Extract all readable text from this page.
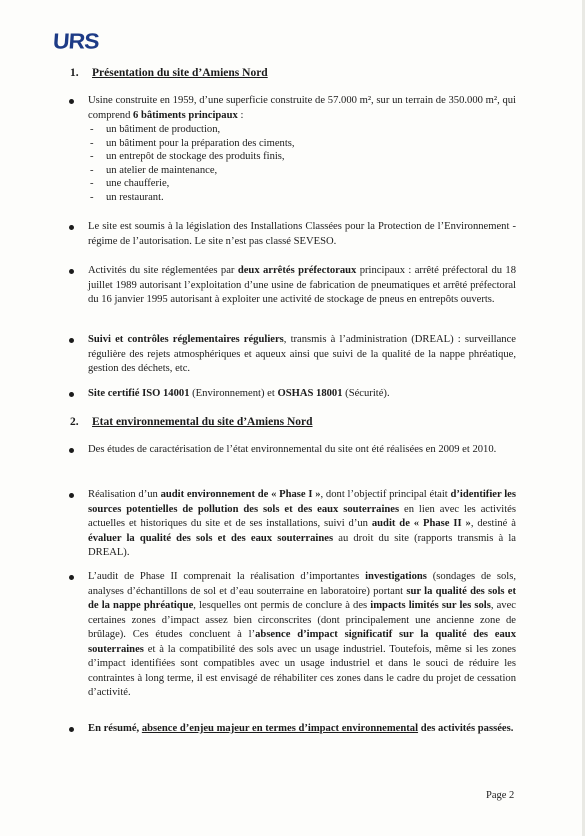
URS
1. Présentation du site d’Amiens Nord

Usine construite en 1959, d’une superficie construite de 57.000 m², sur un terrain de 350.000 m², qui comprend 6 bâtiments principaux :

- un bâtiment de production,
- un bâtiment pour la préparation des ciments,
- un entrepôt de stockage des produits finis,
- un atelier de maintenance,
- une chaufferie,
- un restaurant.

Le site est soumis à la législation des Installations Classées pour la Protection de l’Environnement - régime de l’autorisation. Le site n’est pas classé SEVESO.

Activités du site réglementées par deux arrêtés préfectoraux principaux : arrêté préfectoral du 18 juillet 1989 autorisant l’exploitation d’une usine de fabrication de pneumatiques et arrêté préfectoral du 16 janvier 1995 autorisant à exploiter une activité de stockage de pneus en entrepôts ouverts.

Suivi et contrôles réglementaires réguliers, transmis à l’administration (DREAL) : surveillance régulière des rejets atmosphériques et aqueux ainsi que suivi de la qualité de la nappe phréatique, gestion des déchets, etc.

Site certifié ISO 14001 (Environnement) et OSHAS 18001 (Sécurité).

2. Etat environnemental du site d’Amiens Nord

Des études de caractérisation de l’état environnemental du site ont été réalisées en 2009 et 2010.

Réalisation d’un audit environnement de « Phase I », dont l’objectif principal était d’identifier les sources potentielles de pollution des sols et des eaux souterraines en lien avec les activités actuelles et historiques du site et de ses installations, suivi d’un audit de « Phase II », destiné à évaluer la qualité des sols et des eaux souterraines au droit du site (rapports transmis à la DREAL).

L’audit de Phase II comprenait la réalisation d’importantes investigations (sondages de sols, analyses d’échantillons de sol et d’eau souterraine en laboratoire) portant sur la qualité des sols et de la nappe phréatique, lesquelles ont permis de conclure à des impacts limités sur les sols, avec certaines zones d’impact assez bien circonscrites (dont principalement une ancienne zone de brûlage). Ces études concluent à l’absence d’impact significatif sur la qualité des eaux souterraines et à la compatibilité des sols avec un usage industriel. Toutefois, même si les zones d’impact identifiées sont compatibles avec un usage industriel et dans le souci de réduire les contraintes à long terme, il est envisagé de réhabiliter ces zones dans le cadre du projet de cessation d’activité.

En résumé, absence d’enjeu majeur en termes d’impact environnemental des activités passées.

Page 2
